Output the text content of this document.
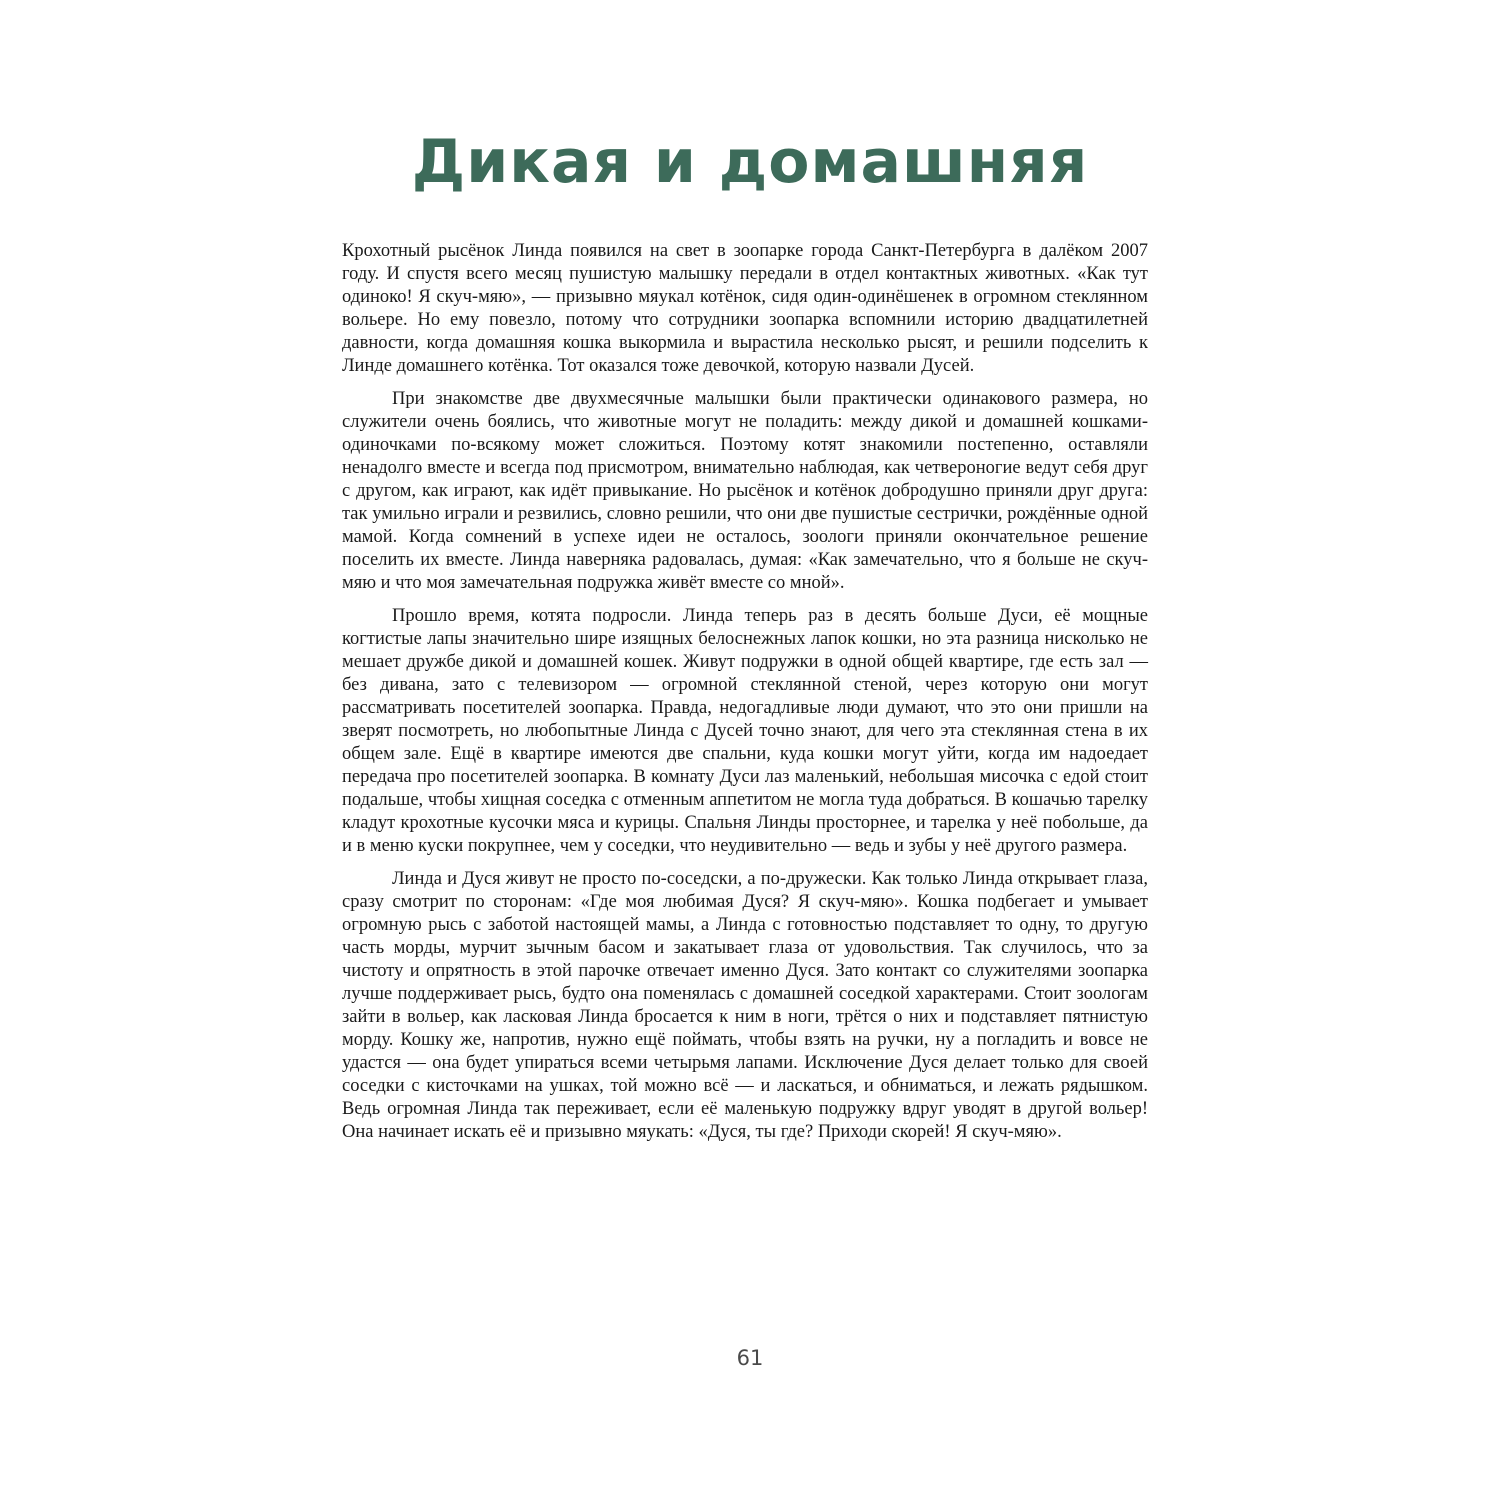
Дикая и домашняя

Крохотный рысёнок Линда появился на свет в зоопарке города Санкт-Петербурга в далёком 2007 году. И спустя всего месяц пушистую малышку передали в отдел контактных животных. «Как тут одиноко! Я скуч-мяю», — призывно мяукал котёнок, сидя один-одинёшенек в огромном стеклянном вольере. Но ему повезло, потому что сотрудники зоопарка вспомнили историю двадцатилетней давности, когда домашняя кошка выкормила и вырастила несколько рысят, и решили подселить к Линде домашнего котёнка. Тот оказался тоже девочкой, которую назвали Дусей.

При знакомстве две двухмесячные малышки были практически одинакового размера, но служители очень боялись, что животные могут не поладить: между дикой и домашней кошками-одиночками по-всякому может сложиться. Поэтому котят знакомили постепенно, оставляли ненадолго вместе и всегда под присмотром, внимательно наблюдая, как четвероногие ведут себя друг с другом, как играют, как идёт привыкание. Но рысёнок и котёнок добродушно приняли друг друга: так умильно играли и резвились, словно решили, что они две пушистые сестрички, рождённые одной мамой. Когда сомнений в успехе идеи не осталось, зоологи приняли окончательное решение поселить их вместе. Линда наверняка радовалась, думая: «Как замечательно, что я больше не скуч-мяю и что моя замечательная подружка живёт вместе со мной».

Прошло время, котята подросли. Линда теперь раз в десять больше Дуси, её мощные когтистые лапы значительно шире изящных белоснежных лапок кошки, но эта разница нисколько не мешает дружбе дикой и домашней кошек. Живут подружки в одной общей квартире, где есть зал — без дивана, зато с телевизором — огромной стеклянной стеной, через которую они могут рассматривать посетителей зоопарка. Правда, недогадливые люди думают, что это они пришли на зверят посмотреть, но любопытные Линда с Дусей точно знают, для чего эта стеклянная стена в их общем зале. Ещё в квартире имеются две спальни, куда кошки могут уйти, когда им надоедает передача про посетителей зоопарка. В комнату Дуси лаз маленький, небольшая мисочка с едой стоит подальше, чтобы хищная соседка с отменным аппетитом не могла туда добраться. В кошачью тарелку кладут крохотные кусочки мяса и курицы. Спальня Линды просторнее, и тарелка у неё побольше, да и в меню куски покрупнее, чем у соседки, что неудивительно — ведь и зубы у неё другого размера.

Линда и Дуся живут не просто по-соседски, а по-дружески. Как только Линда открывает глаза, сразу смотрит по сторонам: «Где моя любимая Дуся? Я скуч-мяю». Кошка подбегает и умывает огромную рысь с заботой настоящей мамы, а Линда с готовностью подставляет то одну, то другую часть морды, мурчит зычным басом и закатывает глаза от удовольствия. Так случилось, что за чистоту и опрятность в этой парочке отвечает именно Дуся. Зато контакт со служителями зоопарка лучше поддерживает рысь, будто она поменялась с домашней соседкой характерами. Стоит зоологам зайти в вольер, как ласковая Линда бросается к ним в ноги, трётся о них и подставляет пятнистую морду. Кошку же, напротив, нужно ещё поймать, чтобы взять на ручки, ну а погладить и вовсе не удастся — она будет упираться всеми четырьмя лапами. Исключение Дуся делает только для своей соседки с кисточками на ушках, той можно всё — и ласкаться, и обниматься, и лежать рядышком. Ведь огромная Линда так переживает, если её маленькую подружку вдруг уводят в другой вольер! Она начинает искать её и призывно мяукать: «Дуся, ты где? Приходи скорей! Я скуч-мяю».

61
